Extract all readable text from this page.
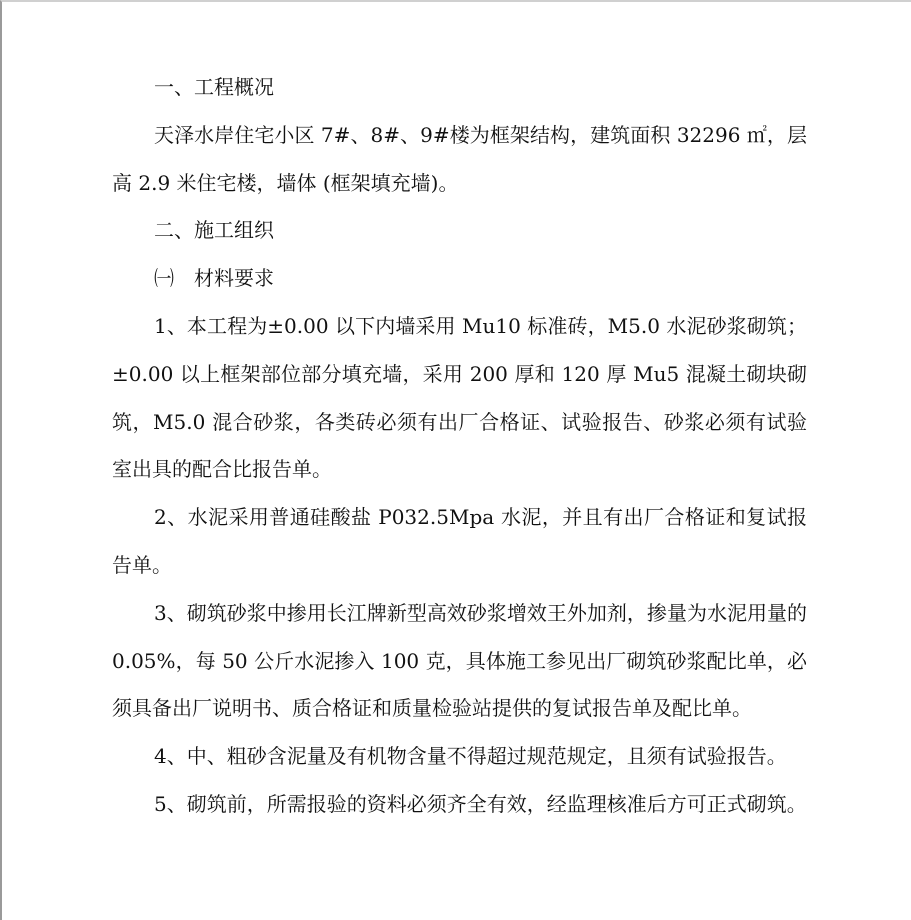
一、工程概况

天泽水岸住宅小区 7#、8#、9#楼为框架结构，建筑面积 32296 ㎡，层高 2.9 米住宅楼，墙体 (框架填充墙)。

二、施工组织

㈠　材料要求

1、本工程为±0.00 以下内墙采用 Mu10 标准砖，M5.0 水泥砂浆砌筑；±0.00 以上框架部位部分填充墙，采用 200 厚和 120 厚 Mu5 混凝土砌块砌筑，M5.0 混合砂浆，各类砖必须有出厂合格证、试验报告、砂浆必须有试验室出具的配合比报告单。

2、水泥采用普通硅酸盐 P032.5Mpa 水泥，并且有出厂合格证和复试报告单。

3、砌筑砂浆中掺用长江牌新型高效砂浆增效王外加剂，掺量为水泥用量的 0.05%，每 50 公斤水泥掺入 100 克，具体施工参见出厂砌筑砂浆配比单，必须具备出厂说明书、质合格证和质量检验站提供的复试报告单及配比单。

4、中、粗砂含泥量及有机物含量不得超过规范规定，且须有试验报告。

5、砌筑前，所需报验的资料必须齐全有效，经监理核准后方可正式砌筑。
